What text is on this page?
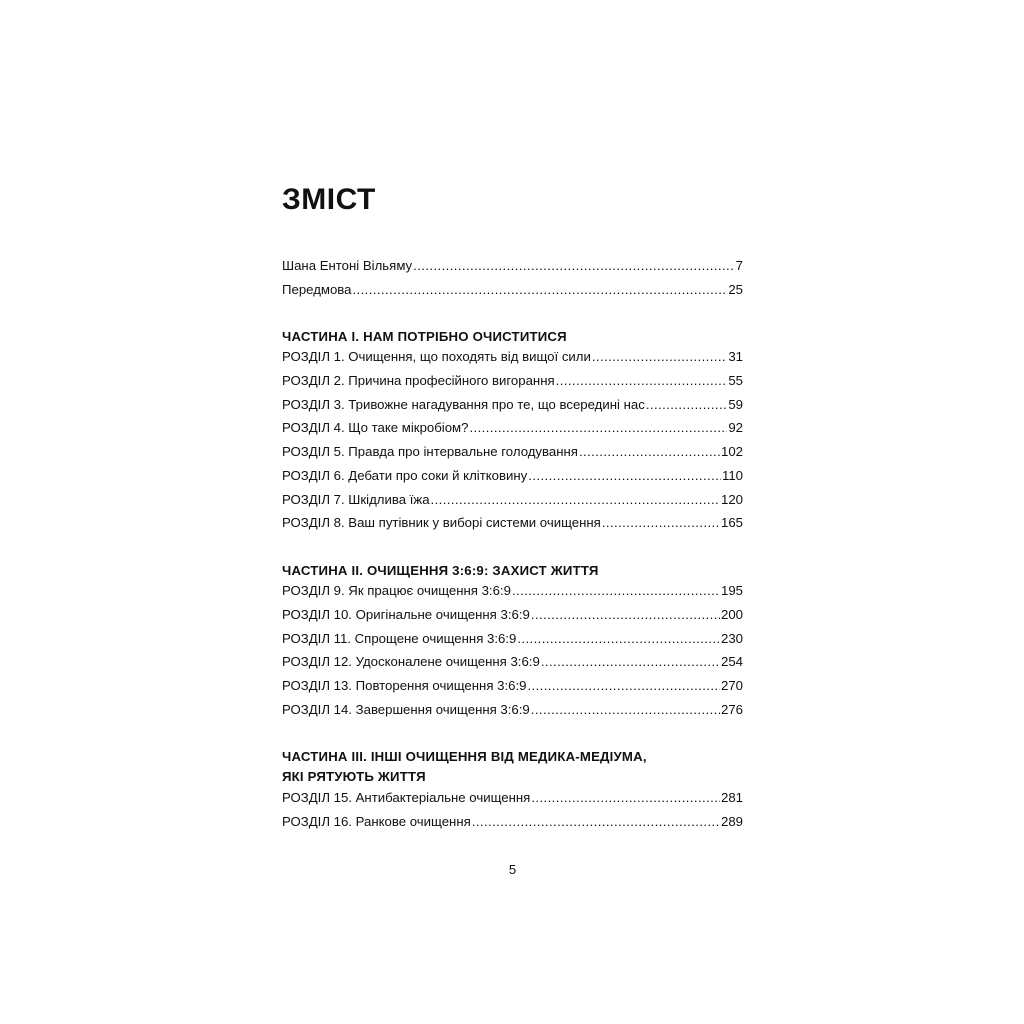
ЗМІСТ
Шана Ентоні Вільяму .....	7
Передмова .....	25
ЧАСТИНА I. НАМ ПОТРІБНО ОЧИСТИТИСЯ
РОЗДІЛ 1. Очищення, що походять від вищої сили .....	31
РОЗДІЛ 2. Причина професійного вигорання .....	55
РОЗДІЛ 3. Тривожне нагадування про те, що всередині нас .....	59
РОЗДІЛ 4. Що таке мікробіом? .....	92
РОЗДІЛ 5. Правда про інтервальне голодування .....	102
РОЗДІЛ 6. Дебати про соки й клітковину .....	110
РОЗДІЛ 7. Шкідлива їжа .....	120
РОЗДІЛ 8. Ваш путівник у виборі системи очищення .....	165
ЧАСТИНА II. ОЧИЩЕННЯ 3:6:9: ЗАХИСТ ЖИТТЯ
РОЗДІЛ 9. Як працює очищення 3:6:9 .....	195
РОЗДІЛ 10. Оригінальне очищення 3:6:9 .....	200
РОЗДІЛ 11. Спрощене очищення 3:6:9 .....	230
РОЗДІЛ 12. Удосконалене очищення 3:6:9 .....	254
РОЗДІЛ 13. Повторення очищення 3:6:9 .....	270
РОЗДІЛ 14. Завершення очищення 3:6:9 .....	276
ЧАСТИНА III. ІНШІ ОЧИЩЕННЯ ВІД МЕДИКА-МЕДІУМА,
ЯКІ РЯТУЮТЬ ЖИТТЯ
РОЗДІЛ 15. Антибактеріальне очищення .....	281
РОЗДІЛ 16. Ранкове очищення .....	289
5
